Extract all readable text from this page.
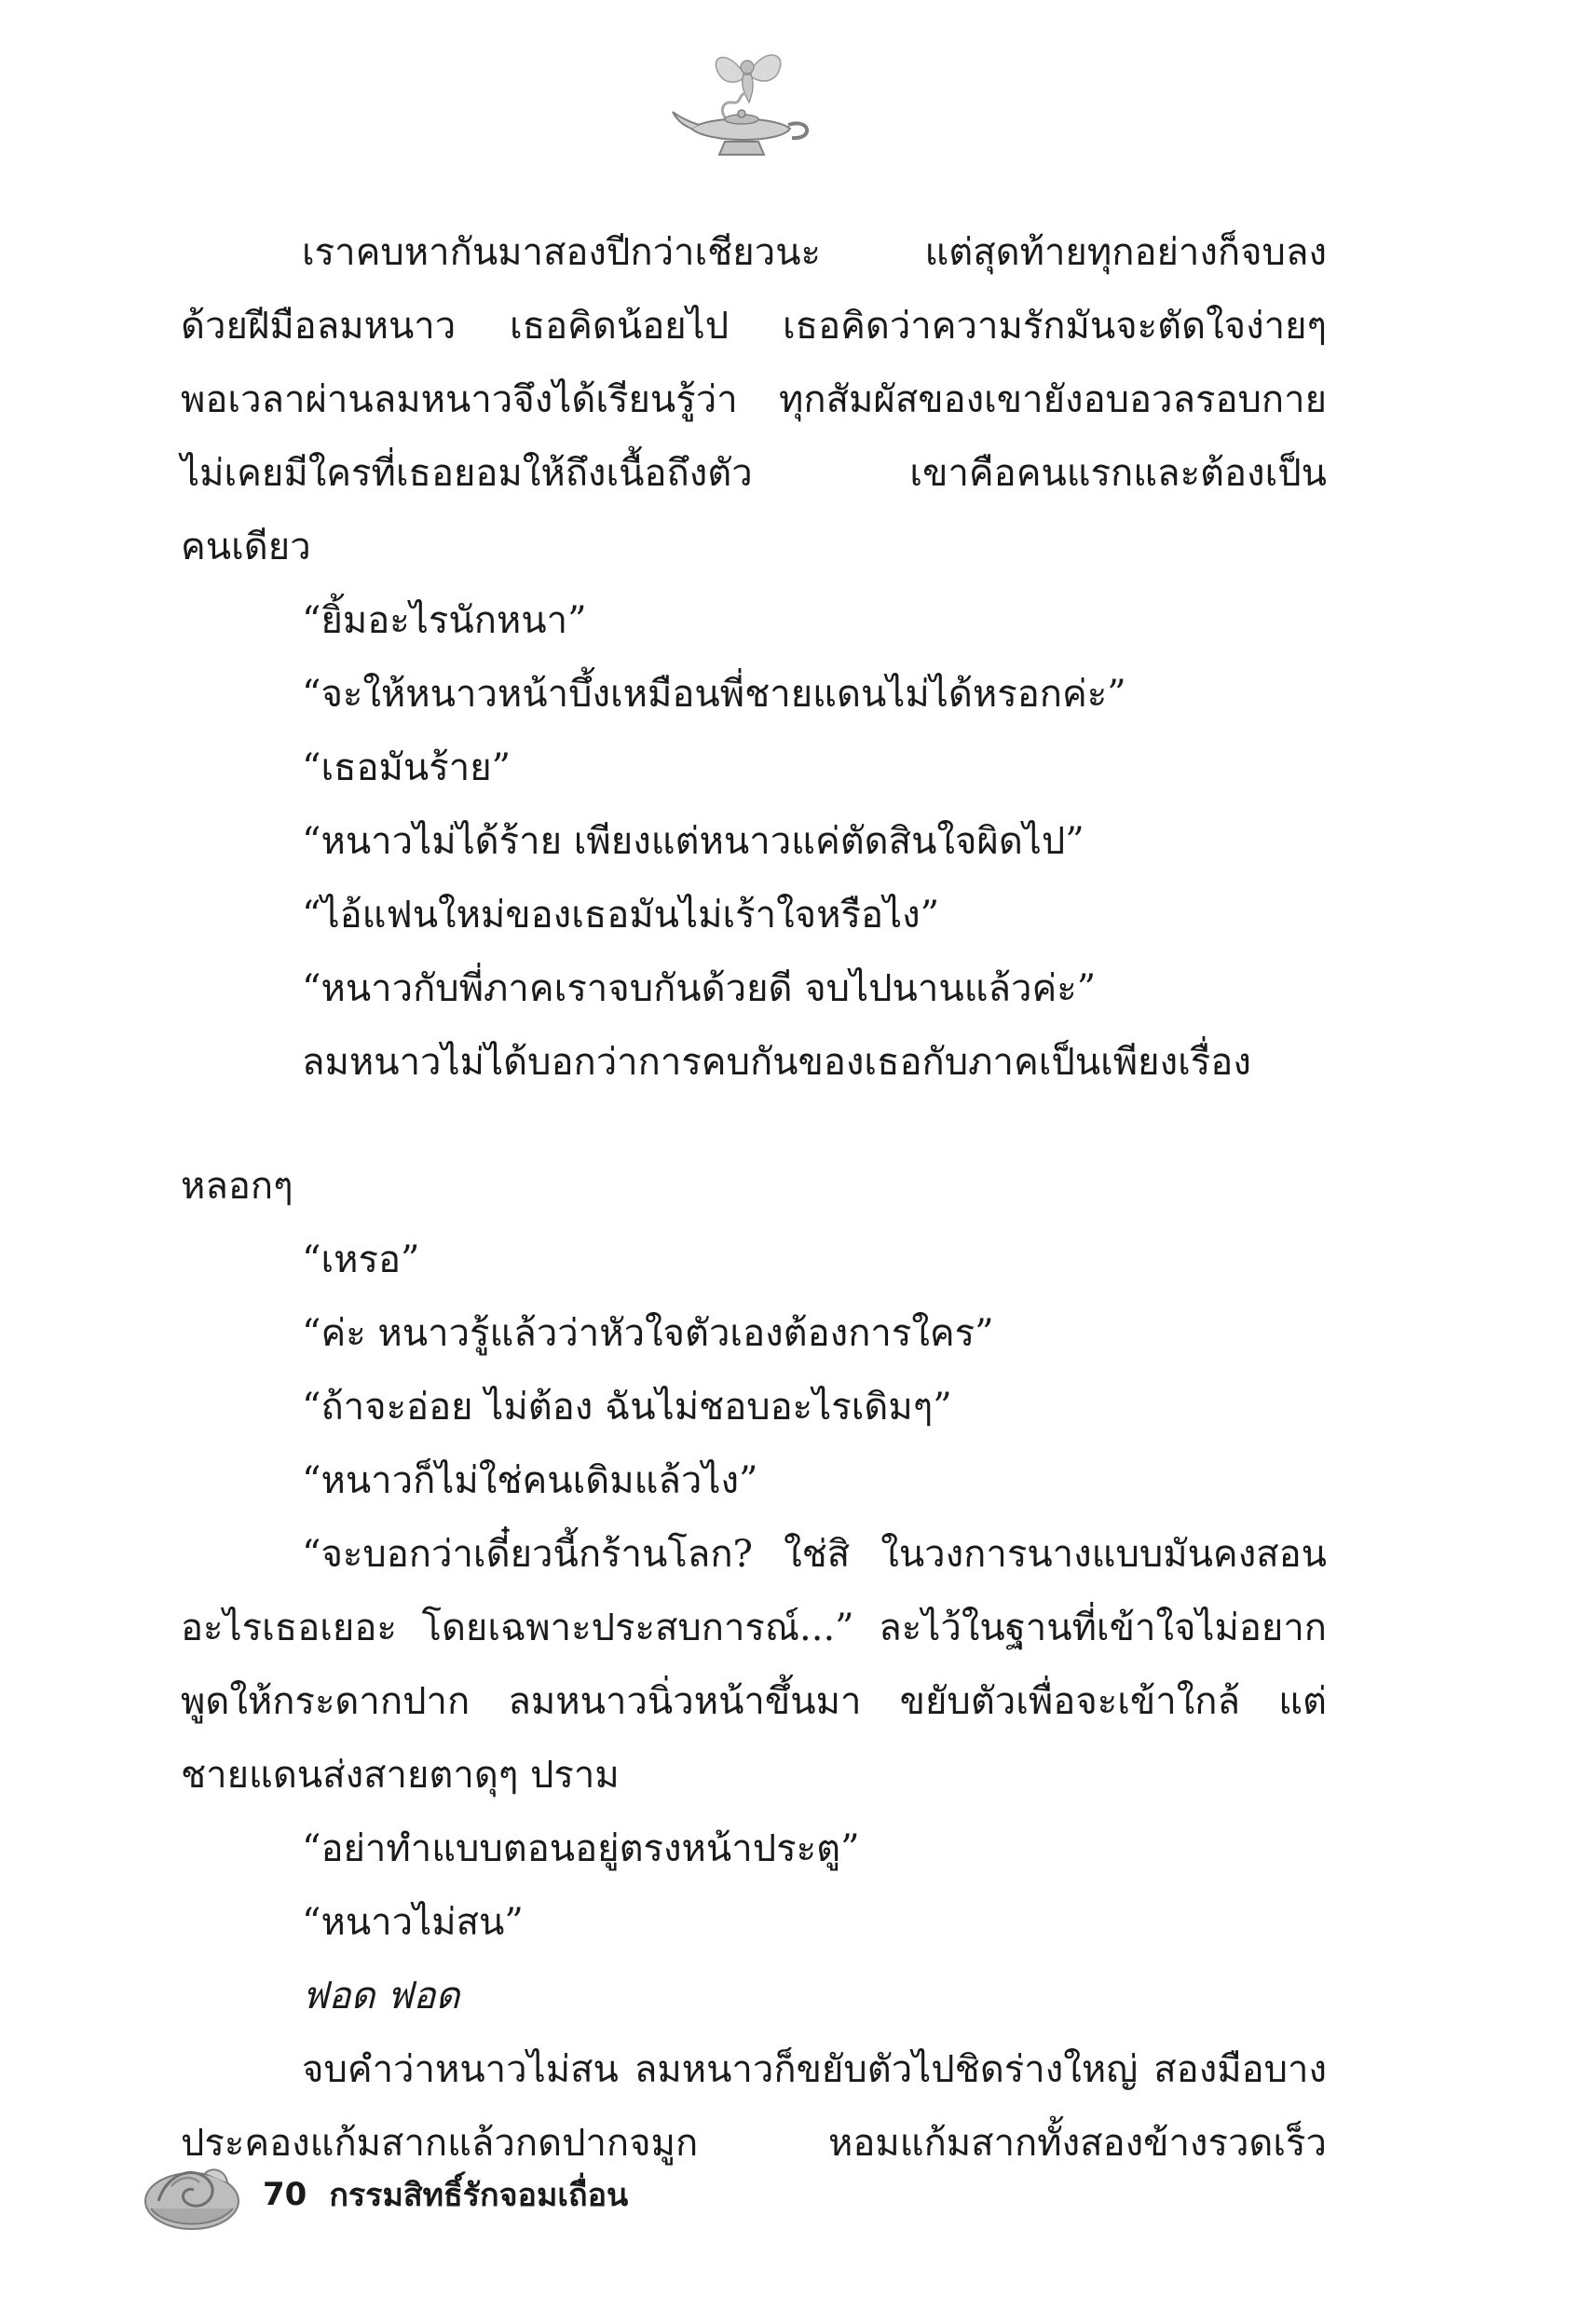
เราคบหากันมาสองปีกว่าเชียวนะ แต่สุดท้ายทุกอย่างก็จบลง
ด้วยฝีมือลมหนาว เธอคิดน้อยไป เธอคิดว่าความรักมันจะตัดใจง่ายๆ
พอเวลาผ่านลมหนาวจึงได้เรียนรู้ว่า ทุกสัมผัสของเขายังอบอวลรอบกาย
ไม่เคยมีใครที่เธอยอมให้ถึงเนื้อถึงตัว เขาคือคนแรกและต้องเป็น
คนเดียว
“ยิ้มอะไรนักหนา”
“จะให้หนาวหน้าบึ้งเหมือนพี่ชายแดนไม่ได้หรอกค่ะ”
“เธอมันร้าย”
“หนาวไม่ได้ร้าย เพียงแต่หนาวแค่ตัดสินใจผิดไป”
“ไอ้แฟนใหม่ของเธอมันไม่เร้าใจหรือไง”
“หนาวกับพี่ภาคเราจบกันด้วยดี จบไปนานแล้วค่ะ”
ลมหนาวไม่ได้บอกว่าการคบกันของเธอกับภาคเป็นเพียงเรื่อง
หลอกๆ
“เหรอ”
“ค่ะ หนาวรู้แล้วว่าหัวใจตัวเองต้องการใคร”
“ถ้าจะอ่อย ไม่ต้อง ฉันไม่ชอบอะไรเดิมๆ”
“หนาวก็ไม่ใช่คนเดิมแล้วไง”
“จะบอกว่าเดี๋ยวนี้กร้านโลก? ใช่สิ ในวงการนางแบบมันคงสอน
อะไรเธอเยอะ โดยเฉพาะประสบการณ์...” ละไว้ในฐานที่เข้าใจไม่อยาก
พูดให้กระดากปาก ลมหนาวนิ่วหน้าขึ้นมา ขยับตัวเพื่อจะเข้าใกล้ แต่
ชายแดนส่งสายตาดุๆ ปราม
“อย่าทำแบบตอนอยู่ตรงหน้าประตู”
“หนาวไม่สน”
ฟอด ฟอด
จบคำว่าหนาวไม่สน ลมหนาวก็ขยับตัวไปชิดร่างใหญ่ สองมือบาง
ประคองแก้มสากแล้วกดปากจมูก หอมแก้มสากทั้งสองข้างรวดเร็ว
70 กรรมสิทธิ์รักจอมเถื่อน
